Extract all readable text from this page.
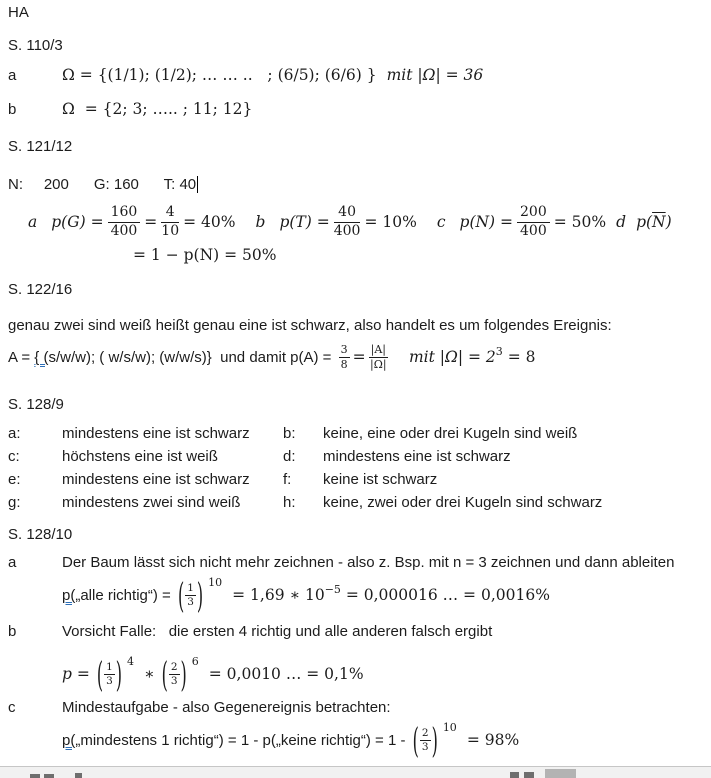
HA
S. 110/3
a	Ω = {(1/1); (1/2); … … ..   ; (6/5); (6/6) } mit |Ω| = 36
b	Ω  = {2; 3; ….. ; 11; 12}
S. 121/12
N:     200      G: 160      T: 40
a $p(G) = \frac{160}{400} = \frac{4}{10} = 40\%$ b $p(T) = \frac{40}{400} = 10\%$ c $p(N) = \frac{200}{400} = 50\%$ d p( $\overline{N}$ )
= 1 − p(N) = 50%
S. 122/16
genau zwei sind weiß heißt genau eine ist schwarz, also handelt es um folgendes Ereignis:
A = { ( s/w/w); ( w/s/w); (w/w/s)}  und damit $p(A) = \frac{3}{8} = \frac{|A|}{|\Omega|}$ mit |Ω| = 2 3 = 8
S. 128/9
a:	mindestens eine ist schwarz	b:	keine, eine oder drei Kugeln sind weiß
c:	höchstens eine ist weiß	d:	mindestens eine ist schwarz
e:	mindestens eine ist schwarz	f:	keine ist schwarz
g:	mindestens zwei sind weiß	h:	keine, zwei oder drei Kugeln sind schwarz
S. 128/10
a	Der Baum lässt sich nicht mehr zeichnen - also z. Bsp. mit n = 3 zeichnen und dann ableiten
p( „alle richtig“) = ( $\frac{1}{3}$ ) 10
= 1,69 ∗ 10 −5 = 0,000016 … = 0,0016%
b	Vorsicht Falle:   die ersten 4 richtig und alle anderen falsch ergibt
p = ( $\frac{1}{3}$ ) 4
∗ ( $\frac{2}{3}$ ) 6
= 0,0010 … = 0,1%
c	Mindestaufgabe - also Gegenereignis betrachten:
p( „mindestens 1 richtig“) = 1 - p(„keine richtig“) = 1 - ( $\frac{2}{3}$ ) 10
= 98%
